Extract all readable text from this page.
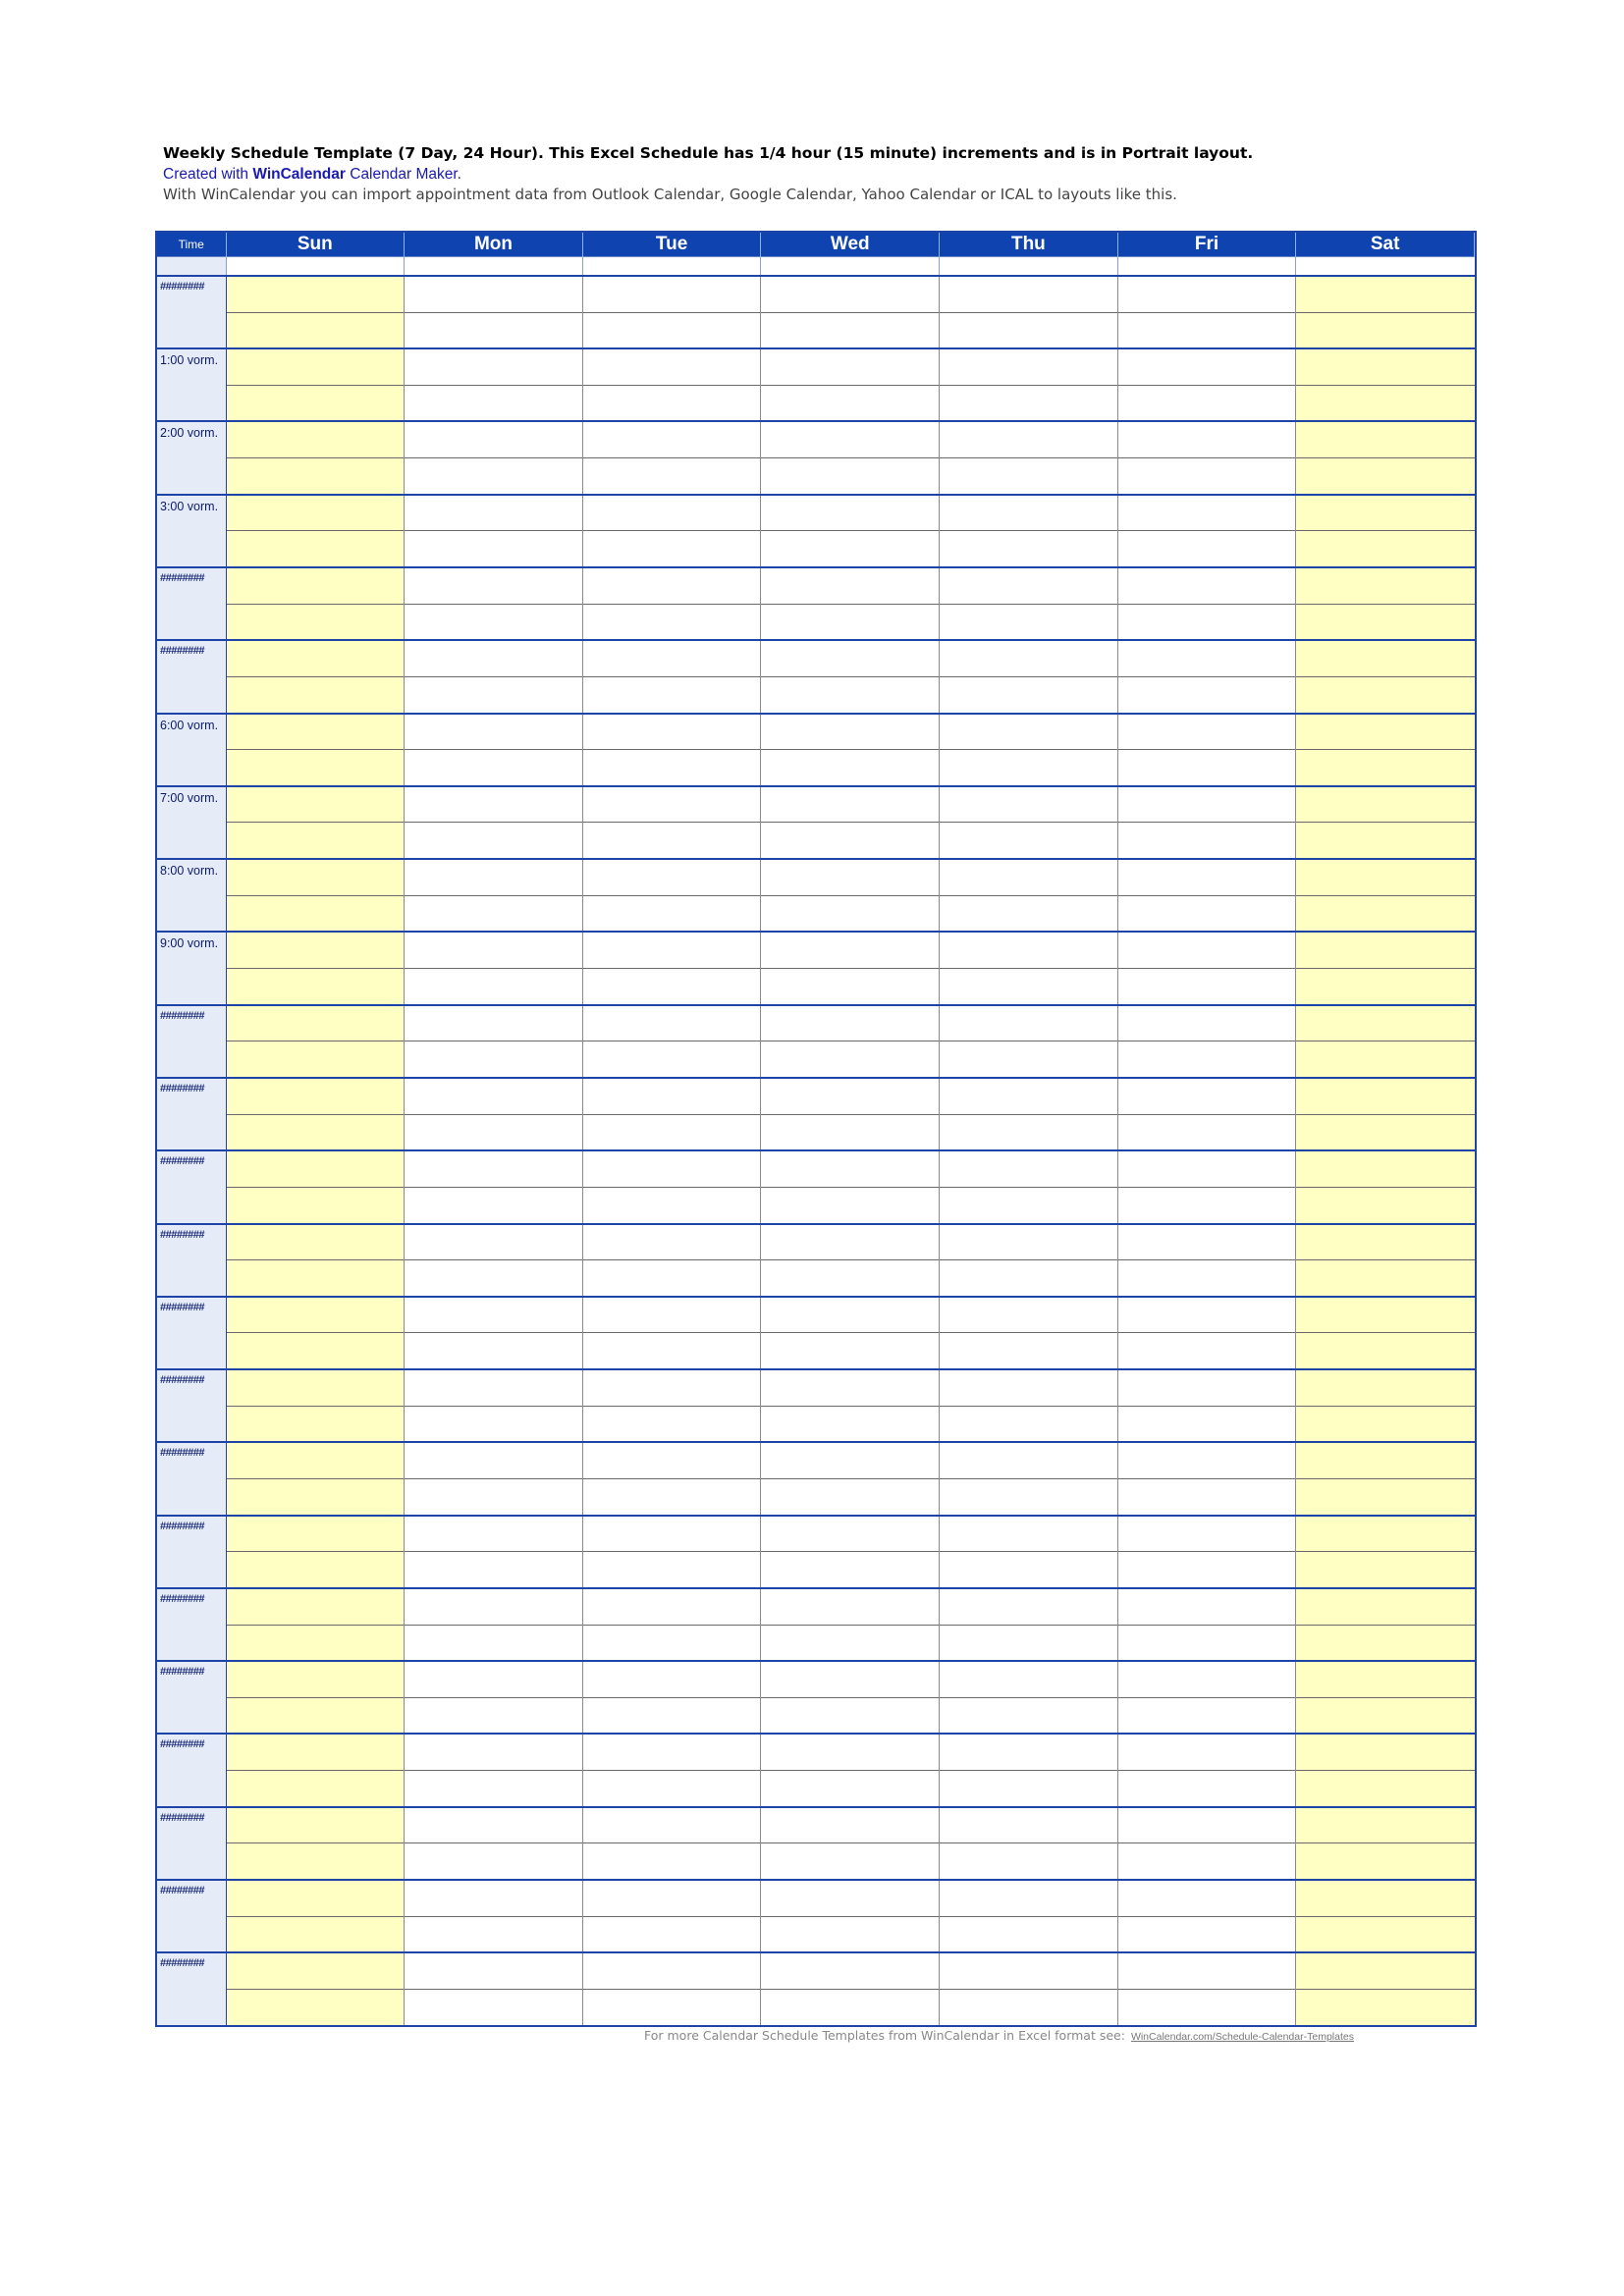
Weekly Schedule Template (7 Day, 24 Hour). This Excel Schedule has 1/4 hour (15 minute) increments and is in Portrait layout.
Created with WinCalendar Calendar Maker.
With WinCalendar you can import appointment data from Outlook Calendar, Google Calendar, Yahoo Calendar or ICAL to layouts like this.
Time	Sun	Mon	Tue	Wed	Thu	Fri	Sat

########							

1:00 vorm.							

2:00 vorm.							

3:00 vorm.							

########							

########							

6:00 vorm.							

7:00 vorm.							

8:00 vorm.							

9:00 vorm.							

########							

########							

########							

########							

########							

########							

########							

########							

########							

########							

########							

########							

########							

########							

For more Calendar Schedule Templates from WinCalendar in Excel format see: WinCalendar.com/Schedule-Calendar-Templates
